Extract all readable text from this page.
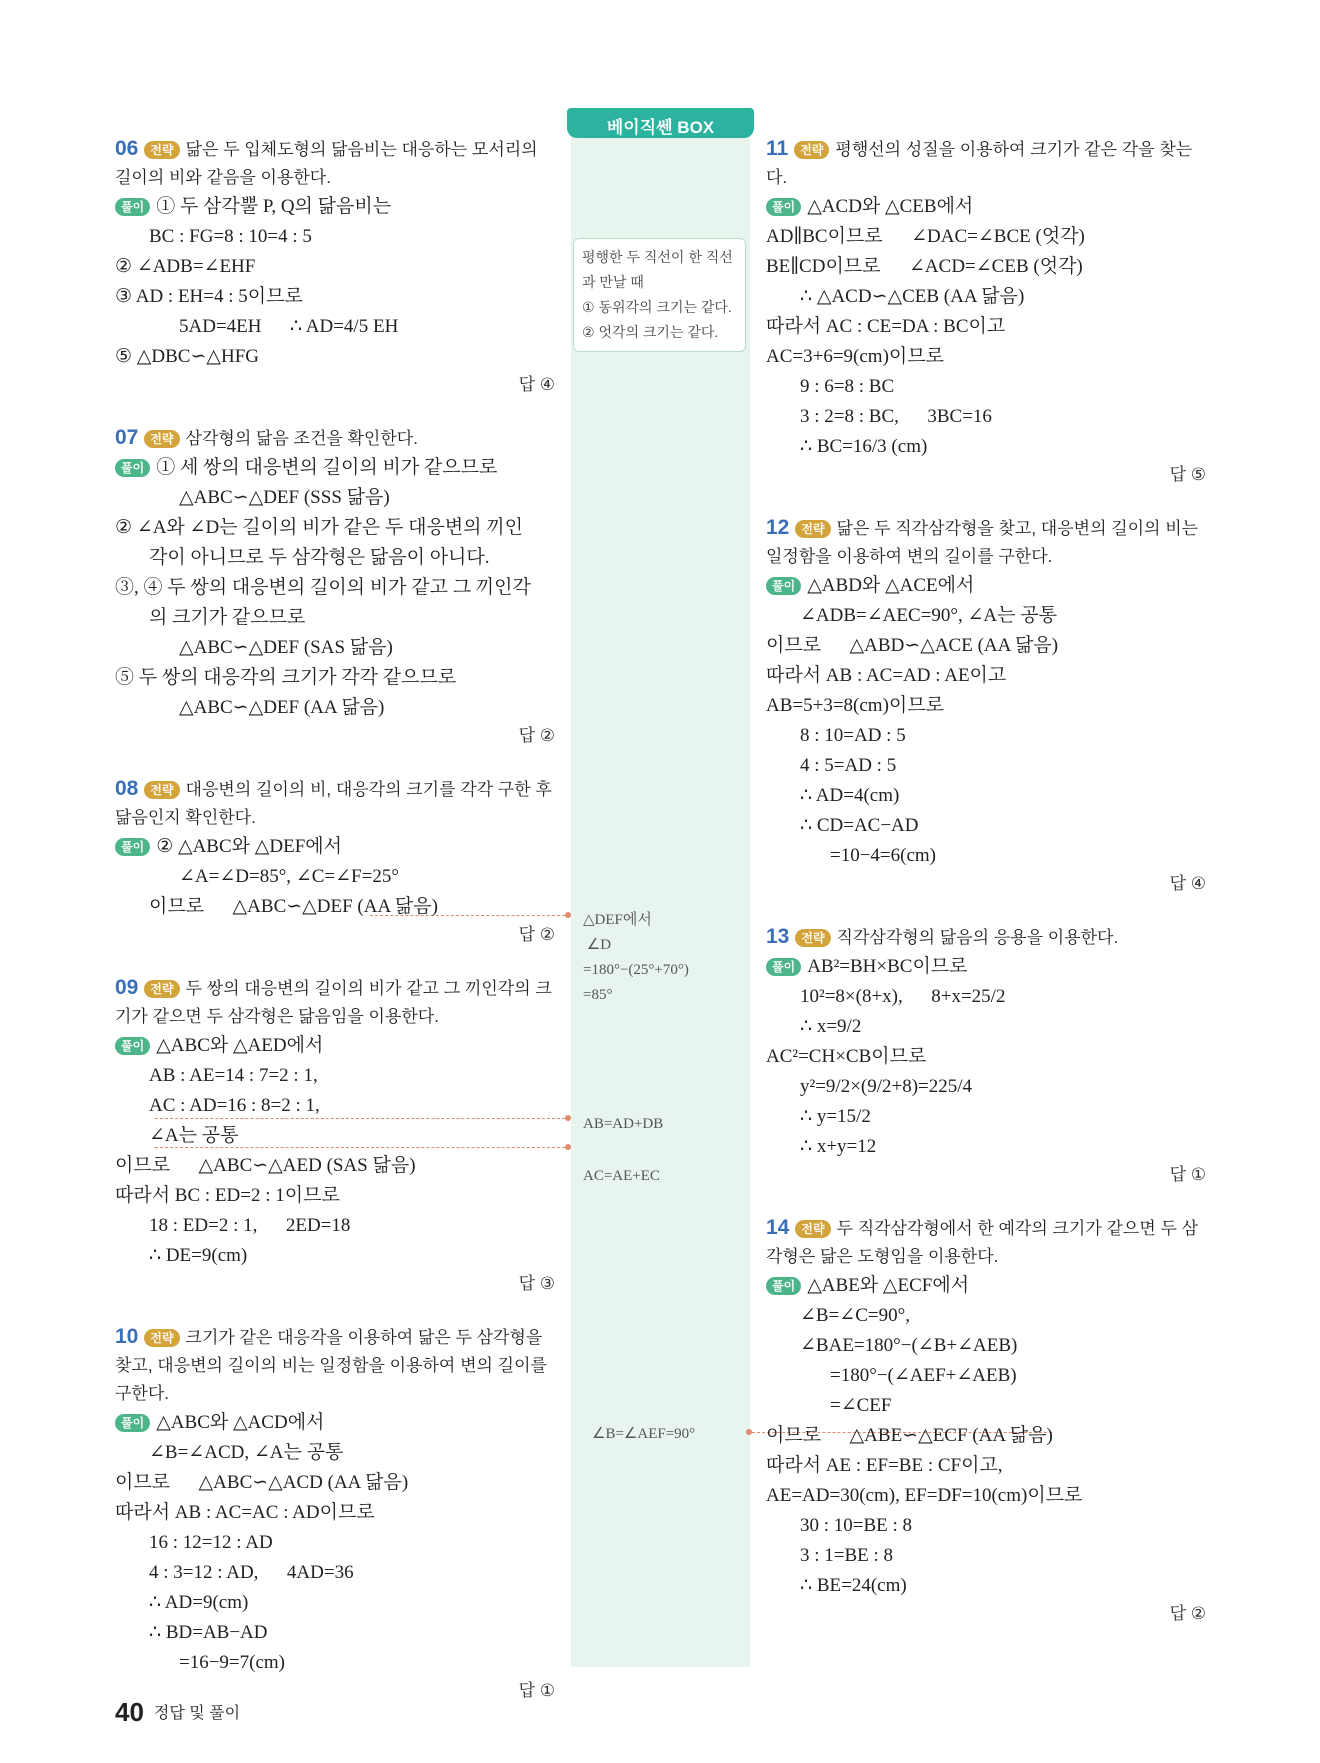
베이직쎈 BOX
평행한 두 직선이 한 직선과 만날 때
① 동위각의 크기는 같다.
② 엇각의 크기는 같다.
△DEF에서
∠D
=180°−(25°+70°)
=85°
AB=AD+DB
AC=AE+EC
∠B=∠AEF=90°
06 전략 닮은 두 입체도형의 닮음비는 대응하는 모서리의 길이의 비와 같음을 이용한다.
풀이 ① 두 삼각뿔 P, Q의 닮음비는
BC : FG=8 : 10=4 : 5
② ∠ADB=∠EHF
③ AD : EH=4 : 5이므로
5AD=4EH      ∴ AD=4/5 EH
⑤ △DBC∽△HFG
답 ④
07 전략 삼각형의 닮음 조건을 확인한다.
풀이 ① 세 쌍의 대응변의 길이의 비가 같으므로
△ABC∽△DEF (SSS 닮음)
② ∠A와 ∠D는 길이의 비가 같은 두 대응변의 끼인
각이 아니므로 두 삼각형은 닮음이 아니다.
③, ④ 두 쌍의 대응변의 길이의 비가 같고 그 끼인각
의 크기가 같으므로
△ABC∽△DEF (SAS 닮음)
⑤ 두 쌍의 대응각의 크기가 각각 같으므로
△ABC∽△DEF (AA 닮음)
답 ②
08 전략 대응변의 길이의 비, 대응각의 크기를 각각 구한 후 닮음인지 확인한다.
풀이 ② △ABC와 △DEF에서
∠A=∠D=85°, ∠C=∠F=25°
이므로      △ABC∽△DEF (AA 닮음)
답 ②
09 전략 두 쌍의 대응변의 길이의 비가 같고 그 끼인각의 크기가 같으면 두 삼각형은 닮음임을 이용한다.
풀이 △ABC와 △AED에서
AB : AE=14 : 7=2 : 1,
AC : AD=16 : 8=2 : 1,
∠A는 공통
이므로      △ABC∽△AED (SAS 닮음)
따라서 BC : ED=2 : 1이므로
18 : ED=2 : 1,      2ED=18
∴ DE=9(cm)
답 ③
10 전략 크기가 같은 대응각을 이용하여 닮은 두 삼각형을 찾고, 대응변의 길이의 비는 일정함을 이용하여 변의 길이를 구한다.
풀이 △ABC와 △ACD에서
∠B=∠ACD, ∠A는 공통
이므로      △ABC∽△ACD (AA 닮음)
따라서 AB : AC=AC : AD이므로
16 : 12=12 : AD
4 : 3=12 : AD,      4AD=36
∴ AD=9(cm)
∴ BD=AB−AD
=16−9=7(cm)
답 ①
11 전략 평행선의 성질을 이용하여 크기가 같은 각을 찾는다.
풀이 △ACD와 △CEB에서
AD∥BC이므로      ∠DAC=∠BCE (엇각)
BE∥CD이므로      ∠ACD=∠CEB (엇각)
∴ △ACD∽△CEB (AA 닮음)
따라서 AC : CE=DA : BC이고
AC=3+6=9(cm)이므로
9 : 6=8 : BC
3 : 2=8 : BC,      3BC=16
∴ BC=16/3 (cm)
답 ⑤
12 전략 닮은 두 직각삼각형을 찾고, 대응변의 길이의 비는 일정함을 이용하여 변의 길이를 구한다.
풀이 △ABD와 △ACE에서
∠ADB=∠AEC=90°, ∠A는 공통
이므로      △ABD∽△ACE (AA 닮음)
따라서 AB : AC=AD : AE이고
AB=5+3=8(cm)이므로
8 : 10=AD : 5
4 : 5=AD : 5
∴ AD=4(cm)
∴ CD=AC−AD
=10−4=6(cm)
답 ④
13 전략 직각삼각형의 닮음의 응용을 이용한다.
풀이 AB²=BH×BC이므로
10²=8×(8+x),      8+x=25/2
∴ x=9/2
AC²=CH×CB이므로
y²=9/2×(9/2+8)=225/4
∴ y=15/2
∴ x+y=12
답 ①
14 전략 두 직각삼각형에서 한 예각의 크기가 같으면 두 삼각형은 닮은 도형임을 이용한다.
풀이 △ABE와 △ECF에서
∠B=∠C=90°,
∠BAE=180°−(∠B+∠AEB)
=180°−(∠AEF+∠AEB)
=∠CEF
이므로      △ABE∽△ECF (AA 닮음)
따라서 AE : EF=BE : CF이고,
AE=AD=30(cm), EF=DF=10(cm)이므로
30 : 10=BE : 8
3 : 1=BE : 8
∴ BE=24(cm)
답 ②
40 정답 및 풀이
